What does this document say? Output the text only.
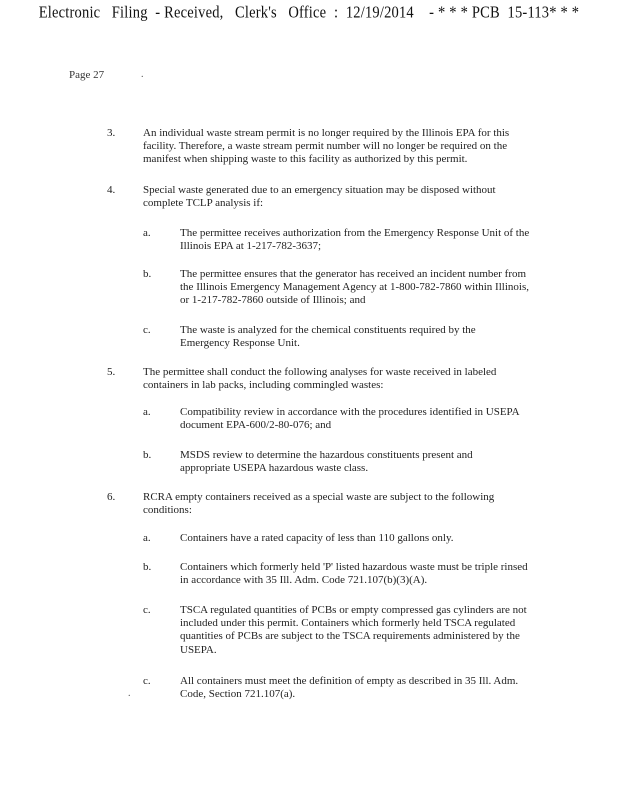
Electronic   Filing  - Received,   Clerk's   Office  :  12/19/2014    - * * * PCB  15-113* * *
Page 27	.
3.	An individual waste stream permit is no longer required by the Illinois EPA for this facility. Therefore, a waste stream permit number will no longer be required on the manifest when shipping waste to this facility as authorized by this permit.
4.	Special waste generated due to an emergency situation may be disposed without complete TCLP analysis if:
a.	The permittee receives authorization from the Emergency Response Unit of the Illinois EPA at 1-217-782-3637;
b.	The permittee ensures that the generator has received an incident number from the Illinois Emergency Management Agency at 1-800-782-7860 within Illinois, or 1-217-782-7860 outside of Illinois; and
c.	The waste is analyzed for the chemical constituents required by the Emergency Response Unit.
5.	The permittee shall conduct the following analyses for waste received in labeled containers in lab packs, including commingled wastes:
a.	Compatibility review in accordance with the procedures identified in USEPA document EPA-600/2-80-076; and
b.	MSDS review to determine the hazardous constituents present and appropriate USEPA hazardous waste class.
6.	RCRA empty containers received as a special waste are subject to the following conditions:
a.	Containers have a rated capacity of less than 110 gallons only.
b.	Containers which formerly held 'P' listed hazardous waste must be triple rinsed in accordance with 35 Ill. Adm. Code 721.107(b)(3)(A).
c.	TSCA regulated quantities of PCBs or empty compressed gas cylinders are not included under this permit. Containers which formerly held TSCA regulated quantities of PCBs are subject to the TSCA requirements administered by the USEPA.
c.	All containers must meet the definition of empty as described in 35 Ill. Adm. Code, Section 721.107(a).
.
